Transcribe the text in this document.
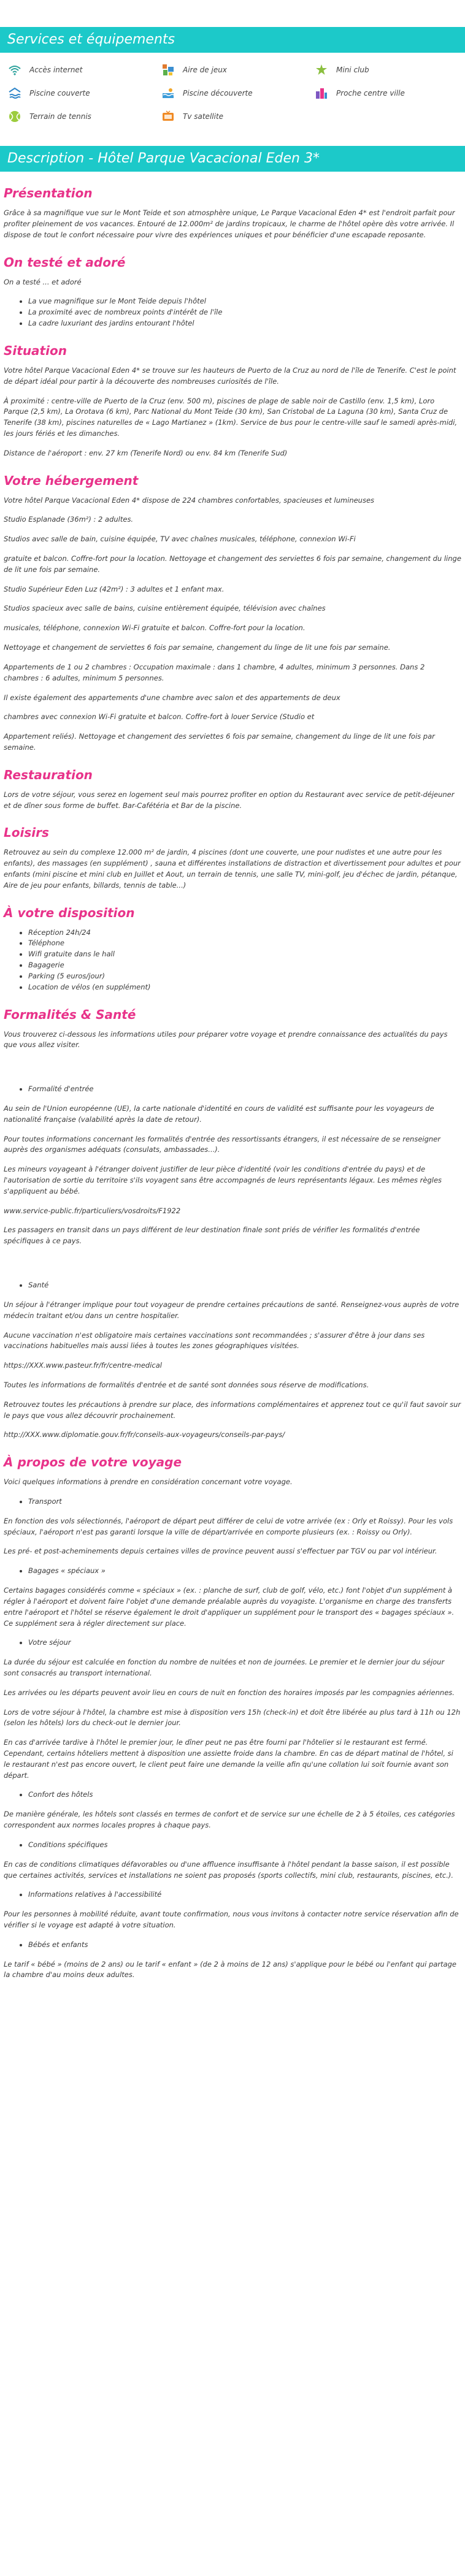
Services et équipements
Accès internet	Aire de jeux	Mini club
Piscine couverte	Piscine découverte	Proche centre ville
Terrain de tennis	Tv satellite
Description - Hôtel Parque Vacacional Eden 3*
Présentation

Grâce à sa magnifique vue sur le Mont Teide et son atmosphère unique, Le Parque Vacacional Eden 4* est l'endroit parfait pour profiter pleinement de vos vacances. Entouré de 12.000m² de jardins tropicaux, le charme de l'hôtel opère dès votre arrivée. Il dispose de tout le confort nécessaire pour vivre des expériences uniques et pour bénéficier d'une escapade reposante.

On testé et adoré

On a testé ... et adoré

• La vue magnifique sur le Mont Teide depuis l'hôtel
• La proximité avec de nombreux points d'intérêt de l'île
• La cadre luxuriant des jardins entourant l'hôtel
Situation

Votre hôtel Parque Vacacional Eden 4* se trouve sur les hauteurs de Puerto de la Cruz au nord de l'île de Tenerife. C'est le point de départ idéal pour partir à la découverte des nombreuses curiosités de l'île.

À proximité : centre-ville de Puerto de la Cruz (env. 500 m), piscines de plage de sable noir de Castillo (env. 1,5 km), Loro Parque (2,5 km), La Orotava (6 km), Parc National du Mont Teide (30 km), San Cristobal de La Laguna (30 km), Santa Cruz de Tenerife (38 km), piscines naturelles de « Lago Martianez » (1km). Service de bus pour le centre-ville sauf le samedi après-midi, les jours fériés et les dimanches.

Distance de l'aéroport : env. 27 km (Tenerife Nord) ou env. 84 km (Tenerife Sud)

Votre hébergement

Votre hôtel Parque Vacacional Eden 4* dispose de 224 chambres confortables, spacieuses et lumineuses

Studio Esplanade (36m²) : 2 adultes.

Studios avec salle de bain, cuisine équipée, TV avec chaînes musicales, téléphone, connexion Wi-Fi

gratuite et balcon. Coffre-fort pour la location. Nettoyage et changement des serviettes 6 fois par semaine, changement du linge de lit une fois par semaine.

Studio Supérieur Eden Luz (42m²) : 3 adultes et 1 enfant max.

Studios spacieux avec salle de bains, cuisine entièrement équipée, télévision avec chaînes

musicales, téléphone, connexion Wi-Fi gratuite et balcon. Coffre-fort pour la location.

Nettoyage et changement de serviettes 6 fois par semaine, changement du linge de lit une fois par semaine.

Appartements de 1 ou 2 chambres : Occupation maximale : dans 1 chambre, 4 adultes, minimum 3 personnes. Dans 2 chambres : 6 adultes, minimum 5 personnes.

Il existe également des appartements d'une chambre avec salon et des appartements de deux

chambres avec connexion Wi-Fi gratuite et balcon. Coffre-fort à louer Service (Studio et

Appartement reliés). Nettoyage et changement des serviettes 6 fois par semaine, changement du linge de lit une fois par semaine.

Restauration

Lors de votre séjour, vous serez en logement seul mais pourrez profiter en option du Restaurant avec service de petit-déjeuner et de dîner sous forme de buffet. Bar-Cafétéria et Bar de la piscine.

Loisirs

Retrouvez au sein du complexe 12.000 m² de jardin, 4 piscines (dont une couverte, une pour nudistes et une autre pour les enfants), des massages (en supplément) , sauna et différentes installations de distraction et divertissement pour adultes et pour enfants (mini piscine et mini club en Juillet et Aout, un terrain de tennis, une salle TV, mini-golf, jeu d'échec de jardin, pétanque, Aire de jeu pour enfants, billards, tennis de table...)

À votre disposition
• Réception 24h/24
• Téléphone
• Wifi gratuite dans le hall
• Bagagerie
• Parking (5 euros/jour)
• Location de vélos (en supplément)
Formalités & Santé

Vous trouverez ci-dessous les informations utiles pour préparer votre voyage et prendre connaissance des actualités du pays que vous allez visiter.

• Formalité d'entrée

Au sein de l'Union européenne (UE), la carte nationale d'identité en cours de validité est suffisante pour les voyageurs de nationalité française (valabilité après la date de retour).

Pour toutes informations concernant les formalités d'entrée des ressortissants étrangers, il est nécessaire de se renseigner auprès des organismes adéquats (consulats, ambassades...).

Les mineurs voyageant à l'étranger doivent justifier de leur pièce d'identité (voir les conditions d'entrée du pays) et de l'autorisation de sortie du territoire s'ils voyagent sans être accompagnés de leurs représentants légaux. Les mêmes règles s'appliquent au bébé.

www.service-public.fr/particuliers/vosdroits/F1922

Les passagers en transit dans un pays différent de leur destination finale sont priés de vérifier les formalités d'entrée spécifiques à ce pays.

• Santé

Un séjour à l'étranger implique pour tout voyageur de prendre certaines précautions de santé. Renseignez-vous auprès de votre médecin traitant et/ou dans un centre hospitalier.

Aucune vaccination n'est obligatoire mais certaines vaccinations sont recommandées ; s'assurer d'être à jour dans ses vaccinations habituelles mais aussi liées à toutes les zones géographiques visitées.

https://XXX.www.pasteur.fr/fr/centre-medical

Toutes les informations de formalités d'entrée et de santé sont données sous réserve de modifications.

Retrouvez toutes les précautions à prendre sur place, des informations complémentaires et apprenez tout ce qu'il faut savoir sur le pays que vous allez découvrir prochainement.

http://XXX.www.diplomatie.gouv.fr/fr/conseils-aux-voyageurs/conseils-par-pays/

À propos de votre voyage

Voici quelques informations à prendre en considération concernant votre voyage.

• Transport

En fonction des vols sélectionnés, l'aéroport de départ peut différer de celui de votre arrivée (ex : Orly et Roissy). Pour les vols spéciaux, l'aéroport n'est pas garanti lorsque la ville de départ/arrivée en comporte plusieurs (ex. : Roissy ou Orly).

Les pré- et post-acheminements depuis certaines villes de province peuvent aussi s'effectuer par TGV ou par vol intérieur.

• Bagages « spéciaux »

Certains bagages considérés comme « spéciaux » (ex. : planche de surf, club de golf, vélo, etc.) font l'objet d'un supplément à régler à l'aéroport et doivent faire l'objet d'une demande préalable auprès du voyagiste. L'organisme en charge des transferts entre l'aéroport et l'hôtel se réserve également le droit d'appliquer un supplément pour le transport des « bagages spéciaux ». Ce supplément sera à régler directement sur place.

• Votre séjour

La durée du séjour est calculée en fonction du nombre de nuitées et non de journées. Le premier et le dernier jour du séjour sont consacrés au transport international.

Les arrivées ou les départs peuvent avoir lieu en cours de nuit en fonction des horaires imposés par les compagnies aériennes.

Lors de votre séjour à l'hôtel, la chambre est mise à disposition vers 15h (check-in) et doit être libérée au plus tard à 11h ou 12h (selon les hôtels) lors du check-out le dernier jour.

En cas d'arrivée tardive à l'hôtel le premier jour, le dîner peut ne pas être fourni par l'hôtelier si le restaurant est fermé. Cependant, certains hôteliers mettent à disposition une assiette froide dans la chambre. En cas de départ matinal de l'hôtel, si le restaurant n'est pas encore ouvert, le client peut faire une demande la veille afin qu'une collation lui soit fournie avant son départ.

• Confort des hôtels

De manière générale, les hôtels sont classés en termes de confort et de service sur une échelle de 2 à 5 étoiles, ces catégories correspondent aux normes locales propres à chaque pays.

• Conditions spécifiques

En cas de conditions climatiques défavorables ou d'une affluence insuffisante à l'hôtel pendant la basse saison, il est possible que certaines activités, services et installations ne soient pas proposés (sports collectifs, mini club, restaurants, piscines, etc.).

• Informations relatives à l'accessibilité

Pour les personnes à mobilité réduite, avant toute confirmation, nous vous invitons à contacter notre service réservation afin de vérifier si le voyage est adapté à votre situation.

• Bébés et enfants

Le tarif « bébé » (moins de 2 ans) ou le tarif « enfant » (de 2 à moins de 12 ans) s'applique pour le bébé ou l'enfant qui partage la chambre d'au moins deux adultes.
